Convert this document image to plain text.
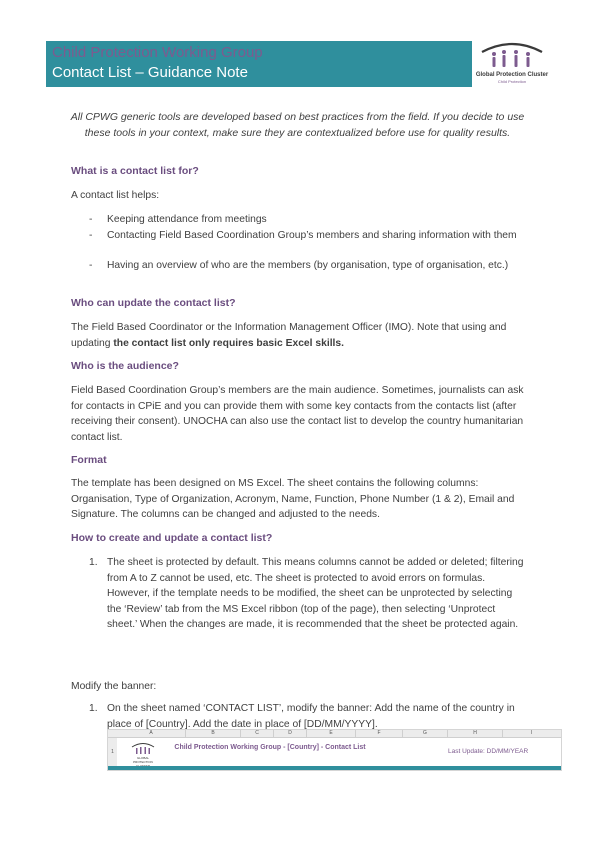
Child Protection Working Group
Contact List – Guidance Note	Global Protection Cluster
Child Protection
All CPWG generic tools are developed based on best practices from the field. If you decide to use these tools in your context, make sure they are contextualized before use for quality results.
What is a contact list for?
A contact list helps:
- Keeping attendance from meetings
- Contacting Field Based Coordination Group’s members and sharing information with them
- Having an overview of who are the members (by organisation, type of organisation, etc.)
Who can update the contact list?
The Field Based Coordinator or the Information Management Officer (IMO). Note that using and updating the contact list only requires basic Excel skills.
Who is the audience?
Field Based Coordination Group’s members are the main audience. Sometimes, journalists can ask for contacts in CPiE and you can provide them with some key contacts from the contacts list (after receiving their consent). UNOCHA can also use the contact list to develop the country humanitarian contact list.
Format
The template has been designed on MS Excel. The sheet contains the following columns: Organisation, Type of Organization, Acronym, Name, Function, Phone Number (1 & 2), Email and Signature. The columns can be changed and adjusted to the needs.
How to create and update a contact list?
1. The sheet is protected by default. This means columns cannot be added or deleted; filtering from A to Z cannot be used, etc. The sheet is protected to avoid errors on formulas. However, if the template needs to be modified, the sheet can be unprotected by selecting the ‘Review’ tab from the MS Excel ribbon (top of the page), then selecting ‘Unprotect sheet.’ When the changes are made, it is recommended that the sheet be protected again.
Modify the banner:
1. On the sheet named ‘CONTACT LIST’, modify the banner: Add the name of the country in place of [Country]. Add the date in place of [DD/MM/YYYY].
A	B	C	D	E	F	G	H	I
1
GLOBAL PROTECTION
Child Protection Working Group - [Country] - Contact List
Last Update: DD/MM/YEAR
